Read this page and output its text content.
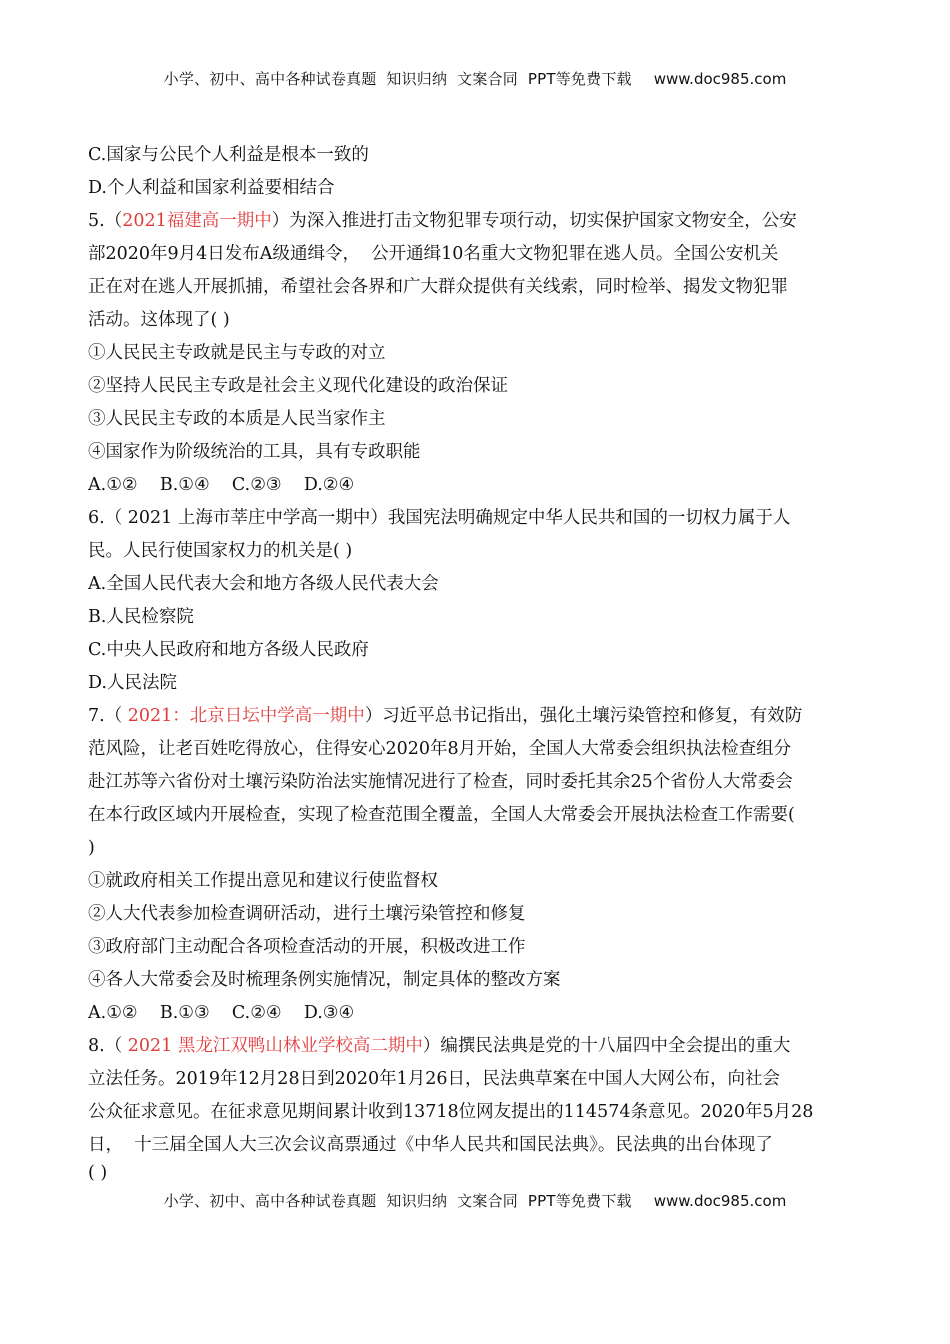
小学、初中、高中各种试卷真题  知识归纳  文案合同  PPT等免费下载 www.doc985.com
C.国家与公民个人利益是根本一致的
D.个人利益和国家利益要相结合
5.（2021福建高一期中）为深入推进打击文物犯罪专项行动，切实保护国家文物安全，公安
部2020年9月4日发布A级通缉令，  公开通缉10名重大文物犯罪在逃人员。全国公安机关
正在对在逃人开展抓捕，希望社会各界和广大群众提供有关线索，同时检举、揭发文物犯罪
活动。这体现了( )
①人民民主专政就是民主与专政的对立
②坚持人民民主专政是社会主义现代化建设的政治保证
③人民民主专政的本质是人民当家作主
④国家作为阶级统治的工具，具有专政职能
A.①②    B.①④    C.②③    D.②④
6.（ 2021 上海市莘庄中学高一期中）我国宪法明确规定中华人民共和国的一切权力属于人
民。人民行使国家权力的机关是( )
A.全国人民代表大会和地方各级人民代表大会
B.人民检察院
C.中央人民政府和地方各级人民政府
D.人民法院
7.（ 2021：北京日坛中学高一期中）习近平总书记指出，强化土壤污染管控和修复，有效防
范风险，让老百姓吃得放心，住得安心2020年8月开始，全国人大常委会组织执法检查组分
赴江苏等六省份对土壤污染防治法实施情况进行了检查，同时委托其余25个省份人大常委会
在本行政区域内开展检查，实现了检查范围全覆盖，全国人大常委会开展执法检查工作需要(
)
①就政府相关工作提出意见和建议行使监督权
②人大代表参加检查调研活动，进行土壤污染管控和修复
③政府部门主动配合各项检查活动的开展，积极改进工作
④各人大常委会及时梳理条例实施情况，制定具体的整改方案
A.①②    B.①③    C.②④    D.③④
8.（ 2021 黑龙江双鸭山林业学校高二期中）编撰民法典是党的十八届四中全会提出的重大
立法任务。2019年12月28日到2020年1月26日，民法典草案在中国人大网公布，向社会
公众征求意见。在征求意见期间累计收到13718位网友提出的114574条意见。2020年5月28
日，  十三届全国人大三次会议高票通过《中华人民共和国民法典》。民法典的出台体现了
( )
小学、初中、高中各种试卷真题  知识归纳  文案合同  PPT等免费下载 www.doc985.com
